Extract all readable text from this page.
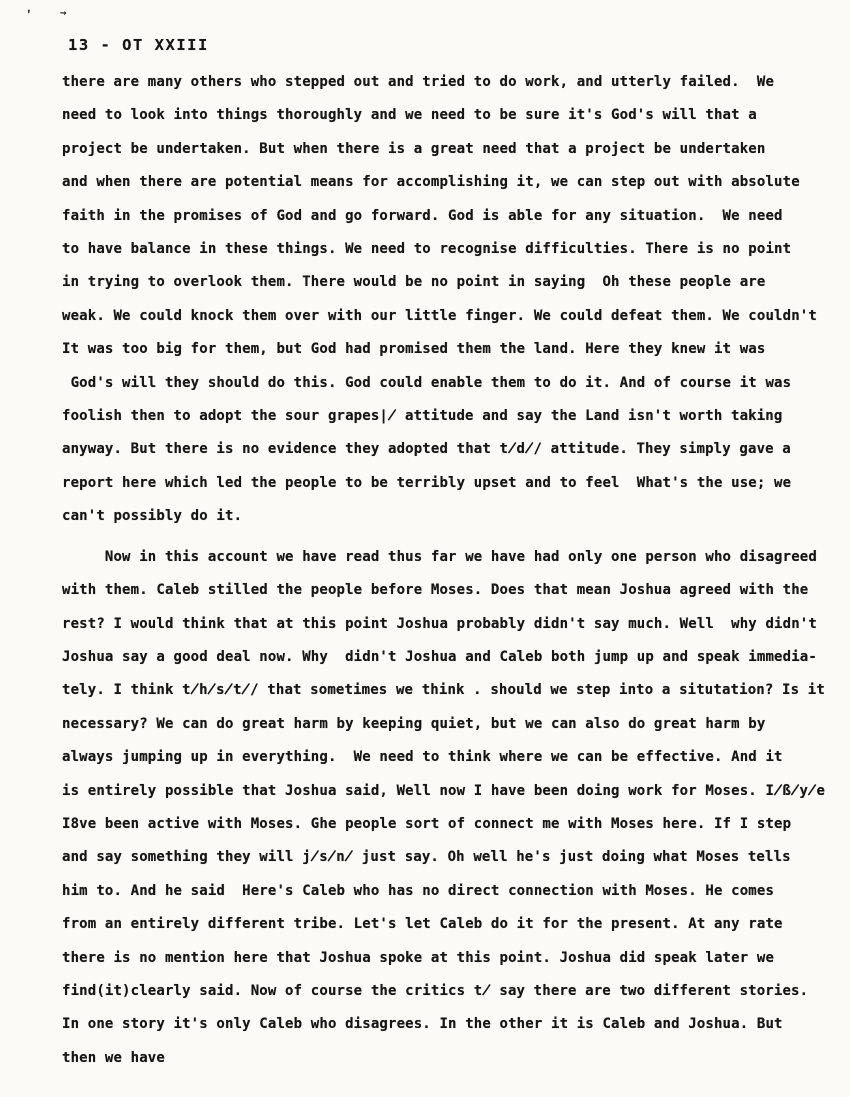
’ →
13 - OT XXIII
there are many others who stepped out and tried to do work, and utterly failed.  We
need to look into things thoroughly and we need to be sure it's God's will that a
project be undertaken. But when there is a great need that a project be undertaken
and when there are potential means for accomplishing it, we can step out with absolute
faith in the promises of God and go forward. God is able for any situation.  We need
to have balance in these things. We need to recognise difficulties. There is no point
in trying to overlook them. There would be no point in saying  Oh these people are
weak. We could knock them over with our little finger. We could defeat them. We couldn't
It was too big for them, but God had promised them the land. Here they knew it was
God's will they should do this. God could enable them to do it. And of course it was
foolish then to adopt the sour grapes∤ attitude and say the Land isn't worth taking
anyway. But there is no evidence they adopted that t̸d̸/ attitude. They simply gave a
report here which led the people to be terribly upset and to feel  What's the use; we
can't possibly do it.
Now in this account we have read thus far we have had only one person who disagreed
with them. Caleb stilled the people before Moses. Does that mean Joshua agreed with the
rest? I would think that at this point Joshua probably didn't say much. Well  why didn't
Joshua say a good deal now. Why  didn't Joshua and Caleb both jump up and speak immedia-
tely. I think t̸h̸s̸t̸/ that sometimes we think . should we step into a situtation? Is it
necessary? We can do great harm by keeping quiet, but we can also do great harm by
always jumping up in everything.  We need to think where we can be effective. And it
is entirely possible that Joshua said, Well now I have been doing work for Moses. I̸ß̸y̸e
I8ve been active with Moses. Ghe people sort of connect me with Moses here. If I step
and say something they will j̸s̸n̸ just say. Oh well he's just doing what Moses tells
him to. And he said  Here's Caleb who has no direct connection with Moses. He comes
from an entirely different tribe. Let's let Caleb do it for the present. At any rate
there is no mention here that Joshua spoke at this point. Joshua did speak later we
find(it)clearly said. Now of course the critics t̸ say there are two different stories.
In one story it's only Caleb who disagrees. In the other it is Caleb and Joshua. But
then we have
